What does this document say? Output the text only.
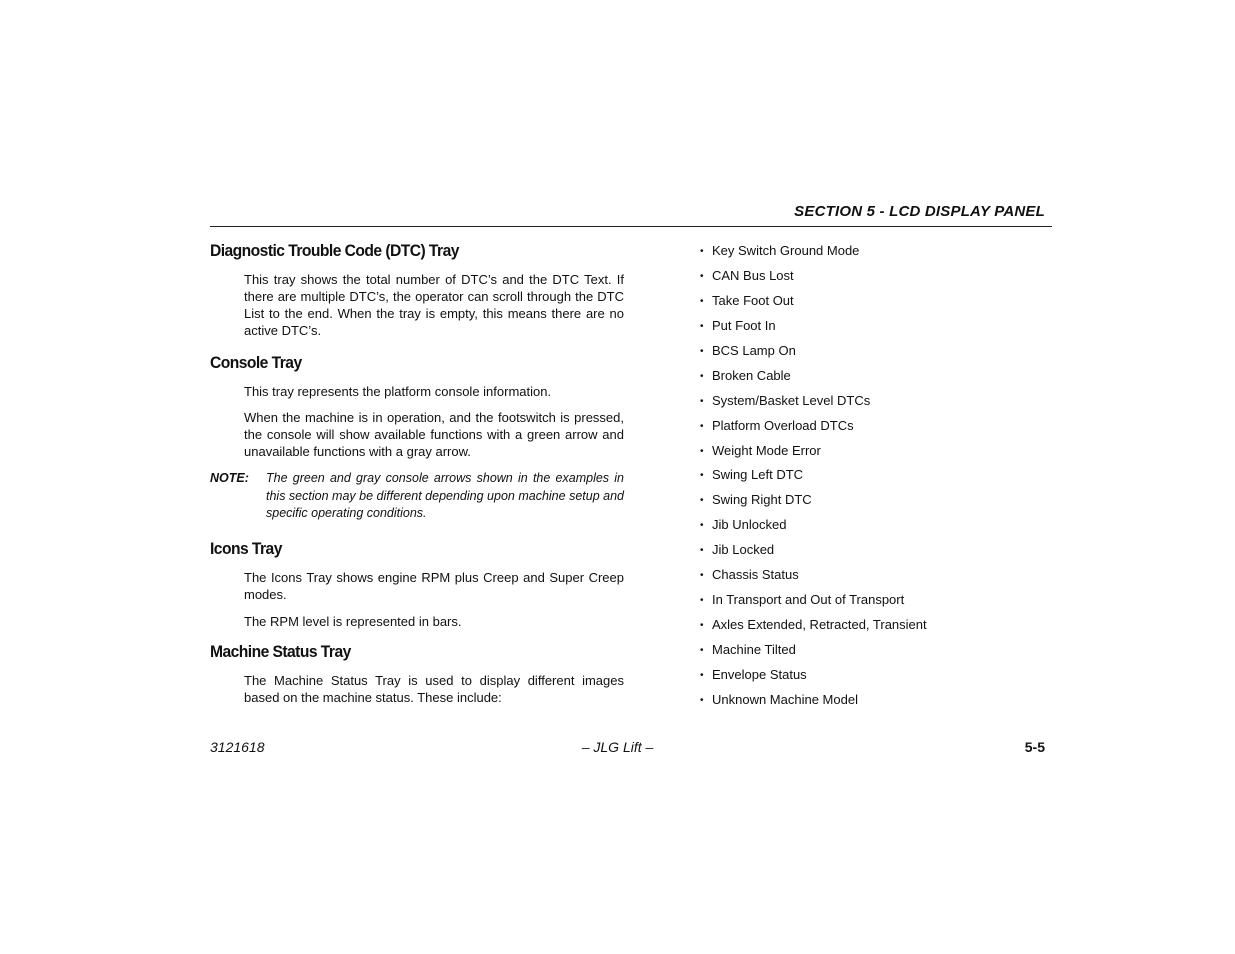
SECTION 5 - LCD DISPLAY PANEL
Diagnostic Trouble Code (DTC) Tray

This tray shows the total number of DTC’s and the DTC Text. If there are multiple DTC’s, the operator can scroll through the DTC List to the end. When the tray is empty, this means there are no active DTC’s.

Console Tray

This tray represents the platform console information.

When the machine is in operation, and the footswitch is pressed, the console will show available functions with a green arrow and unavailable functions with a gray arrow.

NOTE: The green and gray console arrows shown in the examples in this section may be different depending upon machine setup and specific operating conditions.
Icons Tray

The Icons Tray shows engine RPM plus Creep and Super Creep modes.

The RPM level is represented in bars.

Machine Status Tray

The Machine Status Tray is used to display different images based on the machine status. These include:

• Key Switch Ground Mode
• CAN Bus Lost
• Take Foot Out
• Put Foot In
• BCS Lamp On
• Broken Cable
• System/Basket Level DTCs
• Platform Overload DTCs
• Weight Mode Error
• Swing Left DTC
• Swing Right DTC
• Jib Unlocked
• Jib Locked
• Chassis Status
• In Transport and Out of Transport
• Axles Extended, Retracted, Transient
• Machine Tilted
• Envelope Status
• Unknown Machine Model
3121618	– JLG Lift –	5-5
